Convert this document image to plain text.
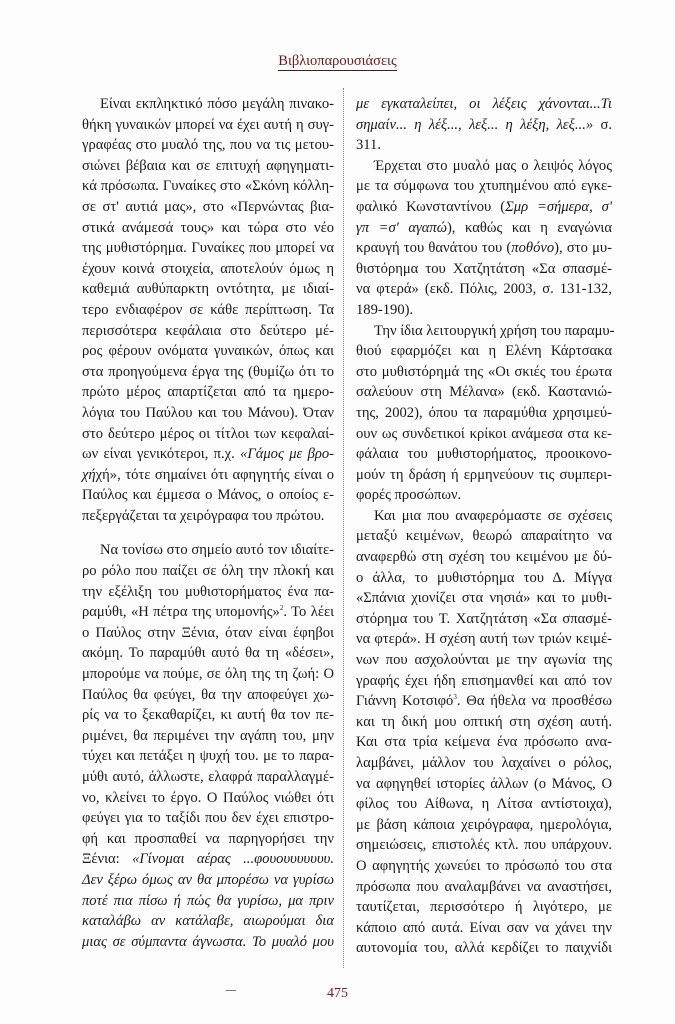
Βιβλιοπαρουσιάσεις
Είναι εκπληκτικό πόσο μεγάλη πινακο-
θήκη γυναικών μπορεί να έχει αυτή η συγ-
γραφέας στο μυαλό της, που να τις μετου-
σιώνει βέβαια και σε επιτυχή αφηγηματι-
κά πρόσωπα. Γυναίκες στο «Σκόνη κόλλη-
σε στ' αυτιά μας», στο «Περνώντας βια-
στικά ανάμεσά τους» και τώρα στο νέο
της μυθιστόρημα. Γυναίκες που μπορεί να
έχουν κοινά στοιχεία, αποτελούν όμως η
καθεμιά αυθύπαρκτη οντότητα, με ιδιαί-
τερο ενδιαφέρον σε κάθε περίπτωση. Τα
περισσότερα κεφάλαια στο δεύτερο μέ-
ρος φέρουν ονόματα γυναικών, όπως και
στα προηγούμενα έργα της (θυμίζω ότι το
πρώτο μέρος απαρτίζεται από τα ημερο-
λόγια του Παύλου και του Μάνου). Όταν
στο δεύτερο μέρος οι τίτλοι των κεφαλαί-
ων είναι γενικότεροι, π.χ. «Γάμος με βρο-
χήχή», τότε σημαίνει ότι αφηγητής είναι ο
Παύλος και έμμεσα ο Μάνος, ο οποίος ε-
πεξεργάζεται τα χειρόγραφα του πρώτου.
Να τονίσω στο σημείο αυτό τον ιδιαίτε-
ρο ρόλο που παίζει σε όλη την πλοκή και
την εξέλιξη του μυθιστορήματος ένα πα-
ραμύθι, «Η πέτρα της υπομονής»$^2$. Το λέει
ο Παύλος στην Ξένια, όταν είναι έφηβοι
ακόμη. Το παραμύθι αυτό θα τη «δέσει»,
μπορούμε να πούμε, σε όλη της τη ζωή: Ο
Παύλος θα φεύγει, θα την αποφεύγει χω-
ρίς να το ξεκαθαρίζει, κι αυτή θα τον πε-
ριμένει, θα περιμένει την αγάπη του, μην
τύχει και πετάξει η ψυχή του. με το παρα-
μύθι αυτό, άλλωστε, ελαφρά παραλλαγμέ-
νο, κλείνει το έργο. Ο Παύλος νιώθει ότι
φεύγει για το ταξίδι που δεν έχει επιστρο-
φή και προσπαθεί να παρηγορήσει την
Ξένια: «Γίνομαι αέρας ...φουουυυυυυυ.
Δεν ξέρω όμως αν θα μπορέσω να γυρίσω
ποτέ πια πίσω ή πώς θα γυρίσω, μα πριν
καταλάβω αν κατάλαβε, αιωρούμαι δια
μιας σε σύμπαντα άγνωστα. Το μυαλό μου
με εγκαταλείπει, οι λέξεις χάνονται...Τι
σημαίν... η λέξ..., λεξ... η λέξη, λεξ...» σ.
311.
Έρχεται στο μυαλό μας ο λειψός λόγος
με τα σύμφωνα του χτυπημένου από εγκε-
φαλικό Κωνσταντίνου (Σμρ =σήμερα, σ'
γπ =σ' αγαπώ), καθώς και η εναγώνια
κραυγή του θανάτου του (ποθόνο), στο μυ-
θιστόρημα του Χατζητάτση «Σα σπασμέ-
να φτερά» (εκδ. Πόλις, 2003, σ. 131-132,
189-190).
Την ίδια λειτουργική χρήση του παραμυ-
θιού εφαρμόζει και η Ελένη Κάρτσακα
στο μυθιστόρημά της «Οι σκιές του έρωτα
σαλεύουν στη Μέλανα» (εκδ. Καστανιώ-
της, 2002), όπου τα παραμύθια χρησιμεύ-
ουν ως συνδετικοί κρίκοι ανάμεσα στα κε-
φάλαια του μυθιστορήματος, προοικονο-
μούν τη δράση ή ερμηνεύουν τις συμπερι-
φορές προσώπων.
Και μια που αναφερόμαστε σε σχέσεις
μεταξύ κειμένων, θεωρώ απαραίτητο να
αναφερθώ στη σχέση του κειμένου με δύ-
ο άλλα, το μυθιστόρημα του Δ. Μίγγα
«Σπάνια χιονίζει στα νησιά» και το μυθι-
στόρημα του Τ. Χατζητάτση «Σα σπασμέ-
να φτερά». Η σχέση αυτή των τριών κειμέ-
νων που ασχολούνται με την αγωνία της
γραφής έχει ήδη επισημανθεί και από τον
Γιάννη Κοτσιφό$^3$. Θα ήθελα να προσθέσω
και τη δική μου οπτική στη σχέση αυτή.
Και στα τρία κείμενα ένα πρόσωπο ανα-
λαμβάνει, μάλλον του λαχαίνει ο ρόλος,
να αφηγηθεί ιστορίες άλλων (ο Μάνος, Ο
φίλος του Αίθωνα, η Λίτσα αντίστοιχα),
με βάση κάποια χειρόγραφα, ημερολόγια,
σημειώσεις, επιστολές κτλ. που υπάρχουν.
Ο αφηγητής χωνεύει το πρόσωπό του στα
πρόσωπα που αναλαμβάνει να αναστήσει,
ταυτίζεται, περισσότερο ή λιγότερο, με
κάποιο από αυτά. Είναι σαν να χάνει την
αυτονομία του, αλλά κερδίζει το παιχνίδι
475
